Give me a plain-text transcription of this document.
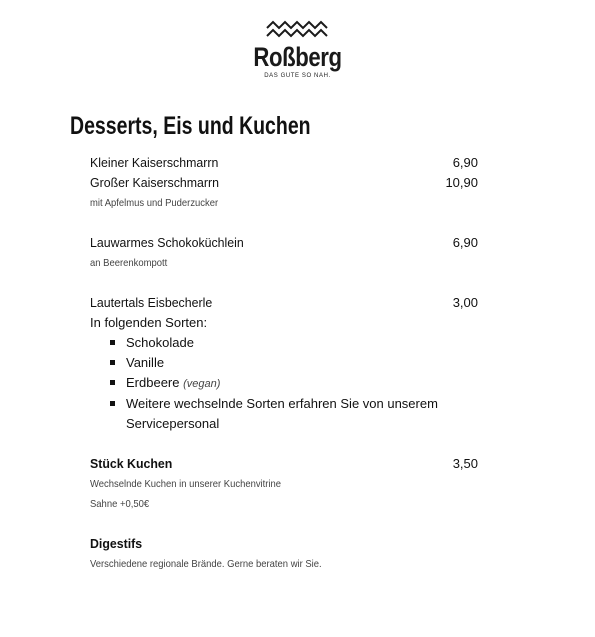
Roßberg
DAS GUTE SO NAH.
Desserts, Eis und Kuchen
Kleiner Kaiserschmarrn	6,90
Großer Kaiserschmarrn	10,90
mit Apfelmus und Puderzucker
Lauwarmes Schokoküchlein	6,90
an Beerenkompott
Lautertals Eisbecherle	3,00
In folgenden Sorten:
Schokolade
Vanille
Erdbeere (vegan)
Weitere wechselnde Sorten erfahren Sie von unserem Servicepersonal
Stück Kuchen	3,50
Wechselnde Kuchen in unserer Kuchenvitrine
Sahne +0,50€
Digestifs
Verschiedene regionale Brände. Gerne beraten wir Sie.
